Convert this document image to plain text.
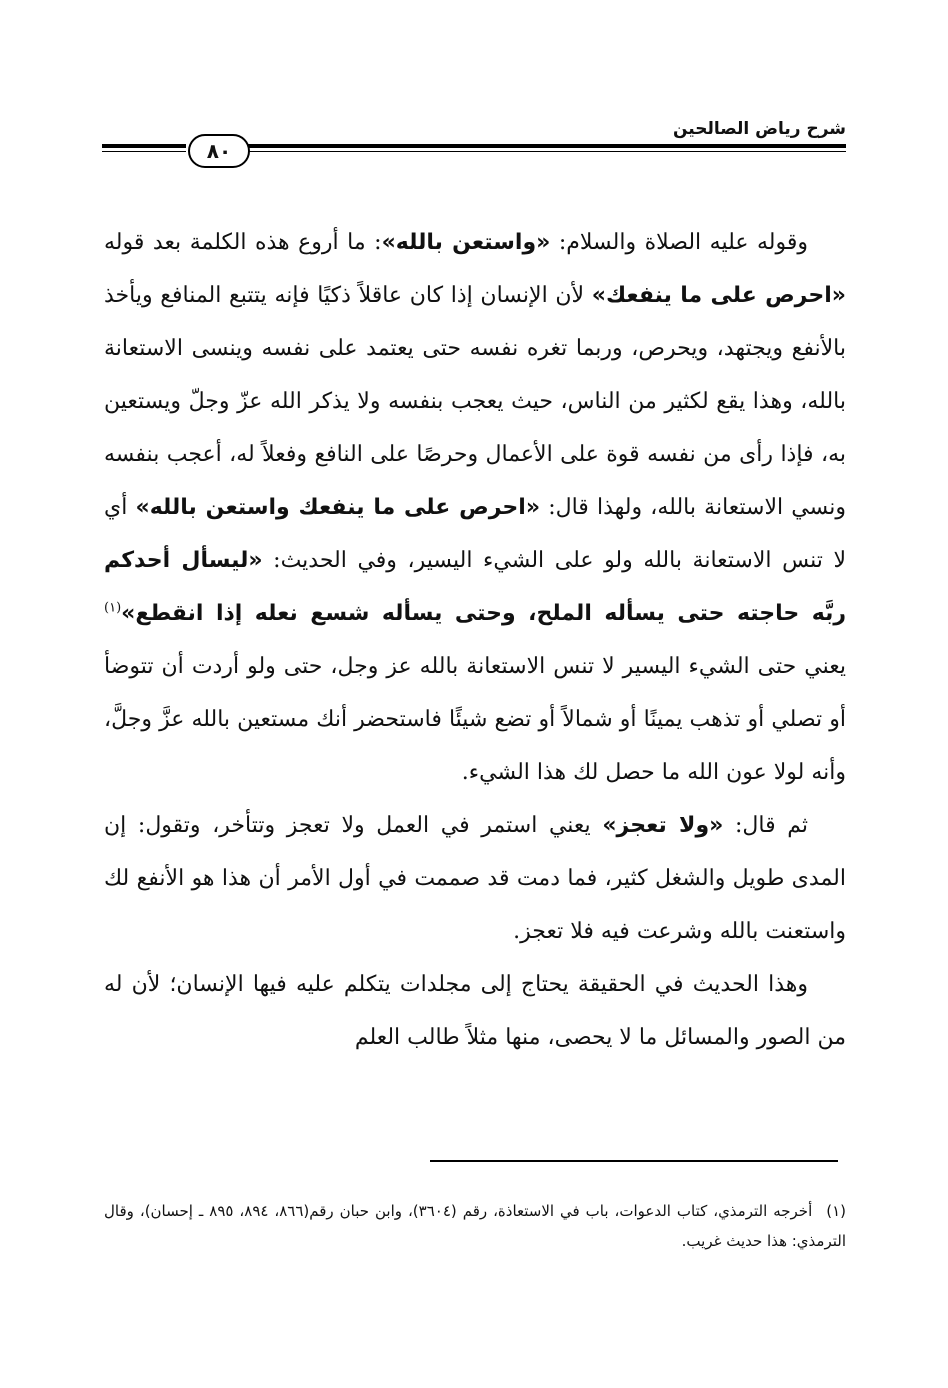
شرح رياض الصالحين
٨٠

وقوله عليه الصلاة والسلام: «واستعن بالله»: ما أروع هذه الكلمة بعد قوله «احرص على ما ينفعك» لأن الإنسان إذا كان عاقلاً ذكيًا فإنه يتتبع المنافع ويأخذ بالأنفع ويجتهد، ويحرص، وربما تغره نفسه حتى يعتمد على نفسه وينسى الاستعانة بالله، وهذا يقع لكثير من الناس، حيث يعجب بنفسه ولا يذكر الله عزّ وجلّ ويستعين به، فإذا رأى من نفسه قوة على الأعمال وحرصًا على النافع وفعلاً له، أعجب بنفسه ونسي الاستعانة بالله، ولهذا قال: «احرص على ما ينفعك واستعن بالله» أي لا تنس الاستعانة بالله ولو على الشيء اليسير، وفي الحديث: «ليسأل أحدكم ربَّه حاجته حتى يسأله الملح، وحتى يسأله شسع نعله إذا انقطع»$^{(١)}$ يعني حتى الشيء اليسير لا تنس الاستعانة بالله عز وجل، حتى ولو أردت أن تتوضأ أو تصلي أو تذهب يمينًا أو شمالاً أو تضع شيئًا فاستحضر أنك مستعين بالله عزَّ وجلَّ، وأنه لولا عون الله ما حصل لك هذا الشيء.

ثم قال: «ولا تعجز» يعني استمر في العمل ولا تعجز وتتأخر، وتقول: إن المدى طويل والشغل كثير، فما دمت قد صممت في أول الأمر أن هذا هو الأنفع لك واستعنت بالله وشرعت فيه فلا تعجز.

وهذا الحديث في الحقيقة يحتاج إلى مجلدات يتكلم عليه فيها الإنسان؛ لأن له من الصور والمسائل ما لا يحصى، منها مثلاً طالب العلم

(١)أخرجه الترمذي، كتاب الدعوات، باب في الاستعاذة، رقم (٣٦٠٤)، وابن حبان رقم(٨٦٦، ٨٩٤، ٨٩٥ ـ إحسان)، وقال الترمذي: هذا حديث غريب.
